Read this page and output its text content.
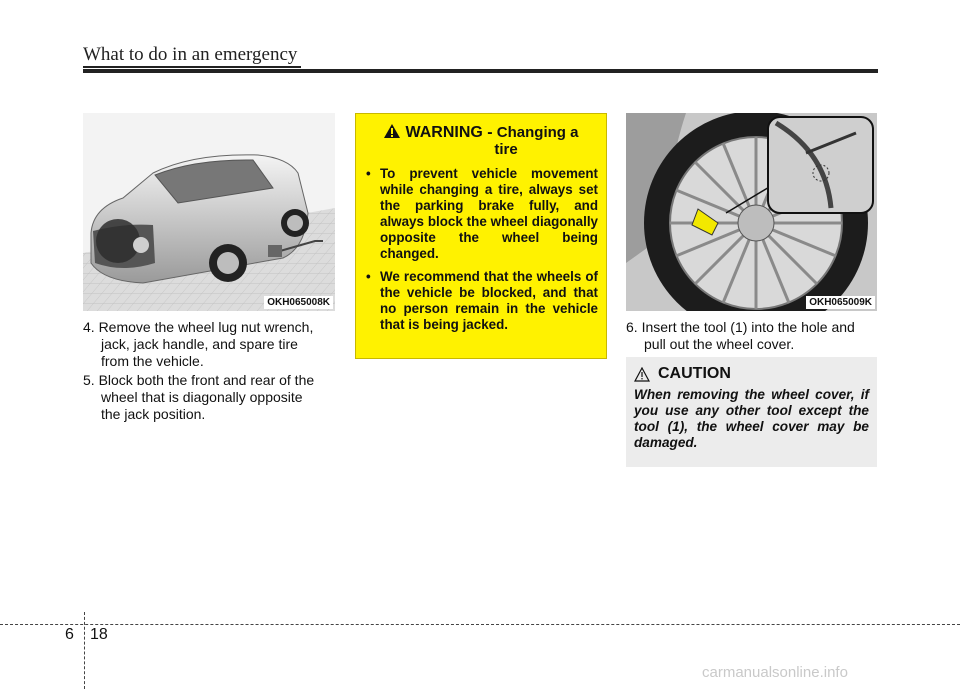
What to do in an emergency
OKH065008K	OKH065009K
4. Remove the wheel lug nut wrench,
jack, jack handle, and spare tire
from the vehicle.
5. Block both the front and rear of the
wheel that is diagonally opposite
the jack position.
WARNING - Changing a
tire
• To prevent vehicle movement while changing a tire, always set the parking brake fully, and always block the wheel diagonally opposite the wheel being changed.
• We recommend that the wheels of the vehicle be blocked, and that no person remain in the vehicle that is being jacked.	6. Insert the tool (1) into the hole and
pull out the wheel cover.
CAUTION
When removing the wheel cover, if you use any other tool except the tool (1), the wheel cover may be damaged.
6 18
carmanualsonline.info
